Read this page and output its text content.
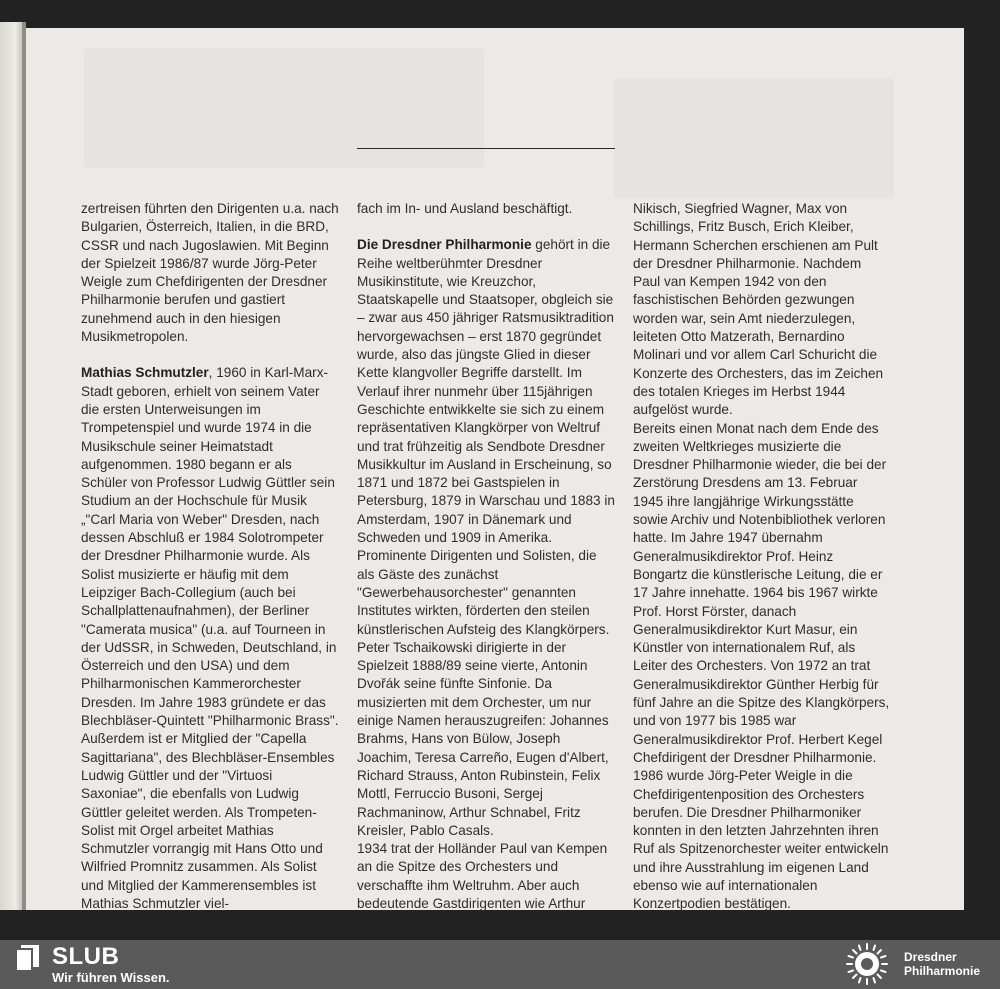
zertreisen führten den Dirigenten u.a. nach Bulgarien, Österreich, Italien, in die BRD, CSSR und nach Jugoslawien. Mit Beginn der Spielzeit 1986/87 wurde Jörg-Peter Weigle zum Chefdirigenten der Dresdner Philharmonie berufen und gastiert zunehmend auch in den hiesigen Musikmetropolen.

Mathias Schmutzler, 1960 in Karl-Marx-Stadt geboren, erhielt von seinem Vater die ersten Unterweisungen im Trompetenspiel und wurde 1974 in die Musikschule seiner Heimatstadt aufgenommen. 1980 begann er als Schüler von Professor Ludwig Güttler sein Studium an der Hochschule für Musik „"Carl Maria von Weber" Dresden, nach dessen Abschluß er 1984 Solotrompeter der Dresdner Philharmonie wurde. Als Solist musizierte er häufig mit dem Leipziger Bach-Collegium (auch bei Schallplattenaufnahmen), der Berliner "Camerata musica" (u.a. auf Tourneen in der UdSSR, in Schweden, Deutschland, in Österreich und den USA) und dem Philharmonischen Kammerorchester Dresden. Im Jahre 1983 gründete er das Blechbläser-Quintett "Philharmonic Brass". Außerdem ist er Mitglied der "Capella Sagittariana", des Blechbläser-Ensembles Ludwig Güttler und der "Virtuosi Saxoniae", die ebenfalls von Ludwig Güttler geleitet werden. Als Trompeten-Solist mit Orgel arbeitet Mathias Schmutzler vorrangig mit Hans Otto und Wilfried Promnitz zusammen. Als Solist und Mitglied der Kammerensembles ist Mathias Schmutzler viel-

fach im In- und Ausland beschäftigt.

Die Dresdner Philharmonie gehört in die Reihe weltberühmter Dresdner Musikinstitute, wie Kreuzchor, Staatskapelle und Staatsoper, obgleich sie – zwar aus 450 jähriger Ratsmusiktradition hervorgewachsen – erst 1870 gegründet wurde, also das jüngste Glied in dieser Kette klangvoller Begriffe darstellt. Im Verlauf ihrer nunmehr über 115jährigen Geschichte entwikkelte sie sich zu einem repräsentativen Klangkörper von Weltruf und trat frühzeitig als Sendbote Dresdner Musikkultur im Ausland in Erscheinung, so 1871 und 1872 bei Gastspielen in Petersburg, 1879 in Warschau und 1883 in Amsterdam, 1907 in Dänemark und Schweden und 1909 in Amerika. Prominente Dirigenten und Solisten, die als Gäste des zunächst "Gewerbehausorchester" genannten Institutes wirkten, förderten den steilen künstlerischen Aufsteig des Klangkörpers. Peter Tschaikowski dirigierte in der Spielzeit 1888/89 seine vierte, Antonin Dvořák seine fünfte Sinfonie. Da musizierten mit dem Orchester, um nur einige Namen herauszugreifen: Johannes Brahms, Hans von Bülow, Joseph Joachim, Teresa Carreño, Eugen d'Albert, Richard Strauss, Anton Rubinstein, Felix Mottl, Ferruccio Busoni, Sergej Rachmaninow, Arthur Schnabel, Fritz Kreisler, Pablo Casals.

1934 trat der Holländer Paul van Kempen an die Spitze des Orchesters und verschaffte ihm Weltruhm. Aber auch bedeutende Gastdirigenten wie Arthur

Nikisch, Siegfried Wagner, Max von Schillings, Fritz Busch, Erich Kleiber, Hermann Scherchen erschienen am Pult der Dresdner Philharmonie. Nachdem Paul van Kempen 1942 von den faschistischen Behörden gezwungen worden war, sein Amt niederzulegen, leiteten Otto Matzerath, Bernardino Molinari und vor allem Carl Schuricht die Konzerte des Orchesters, das im Zeichen des totalen Krieges im Herbst 1944 aufgelöst wurde.

Bereits einen Monat nach dem Ende des zweiten Weltkrieges musizierte die Dresdner Philharmonie wieder, die bei der Zerstörung Dresdens am 13. Februar 1945 ihre langjährige Wirkungsstätte sowie Archiv und Notenbibliothek verloren hatte. Im Jahre 1947 übernahm Generalmusikdirektor Prof. Heinz Bongartz die künstlerische Leitung, die er 17 Jahre innehatte. 1964 bis 1967 wirkte Prof. Horst Förster, danach Generalmusikdirektor Kurt Masur, ein Künstler von internationalem Ruf, als Leiter des Orchesters. Von 1972 an trat Generalmusikdirektor Günther Herbig für fünf Jahre an die Spitze des Klangkörpers, und von 1977 bis 1985 war Generalmusikdirektor Prof. Herbert Kegel Chefdirigent der Dresdner Philharmonie. 1986 wurde Jörg-Peter Weigle in die Chefdirigentenposition des Orchesters berufen. Die Dresdner Philharmoniker konnten in den letzten Jahrzehnten ihren Ruf als Spitzenorchester weiter entwickeln und ihre Ausstrahlung im eigenen Land ebenso wie auf internationalen Konzertpodien bestätigen.

SLUB
Wir führen Wissen.
Dresdner
Philharmonie
